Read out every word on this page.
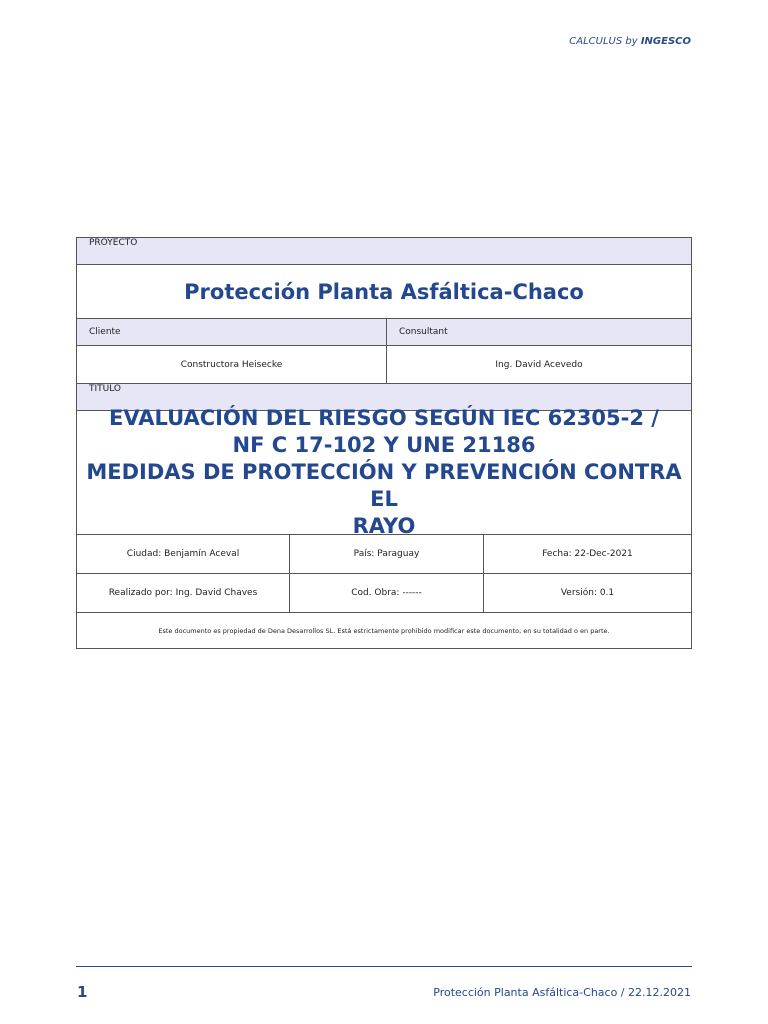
CALCULUS by INGESCO
PROYECTO
Protección Planta Asfáltica-Chaco
Cliente	Consultant
Constructora Heisecke	Ing. David Acevedo
TITULO
EVALUACIÓN DEL RIESGO SEGÚN IEC 62305-2 /
NF C 17-102 Y UNE 21186
MEDIDAS DE PROTECCIÓN Y PREVENCIÓN CONTRA EL
RAYO
Ciudad: Benjamín Aceval	País: Paraguay	Fecha: 22-Dec-2021
Realizado por: Ing. David Chaves	Cod. Obra: ------	Versión: 0.1
Este documento es propiedad de Dena Desarrollos SL. Está estrictamente prohibido modificar este documento, en su totalidad o en parte.
1	Protección Planta Asfáltica-Chaco / 22.12.2021
